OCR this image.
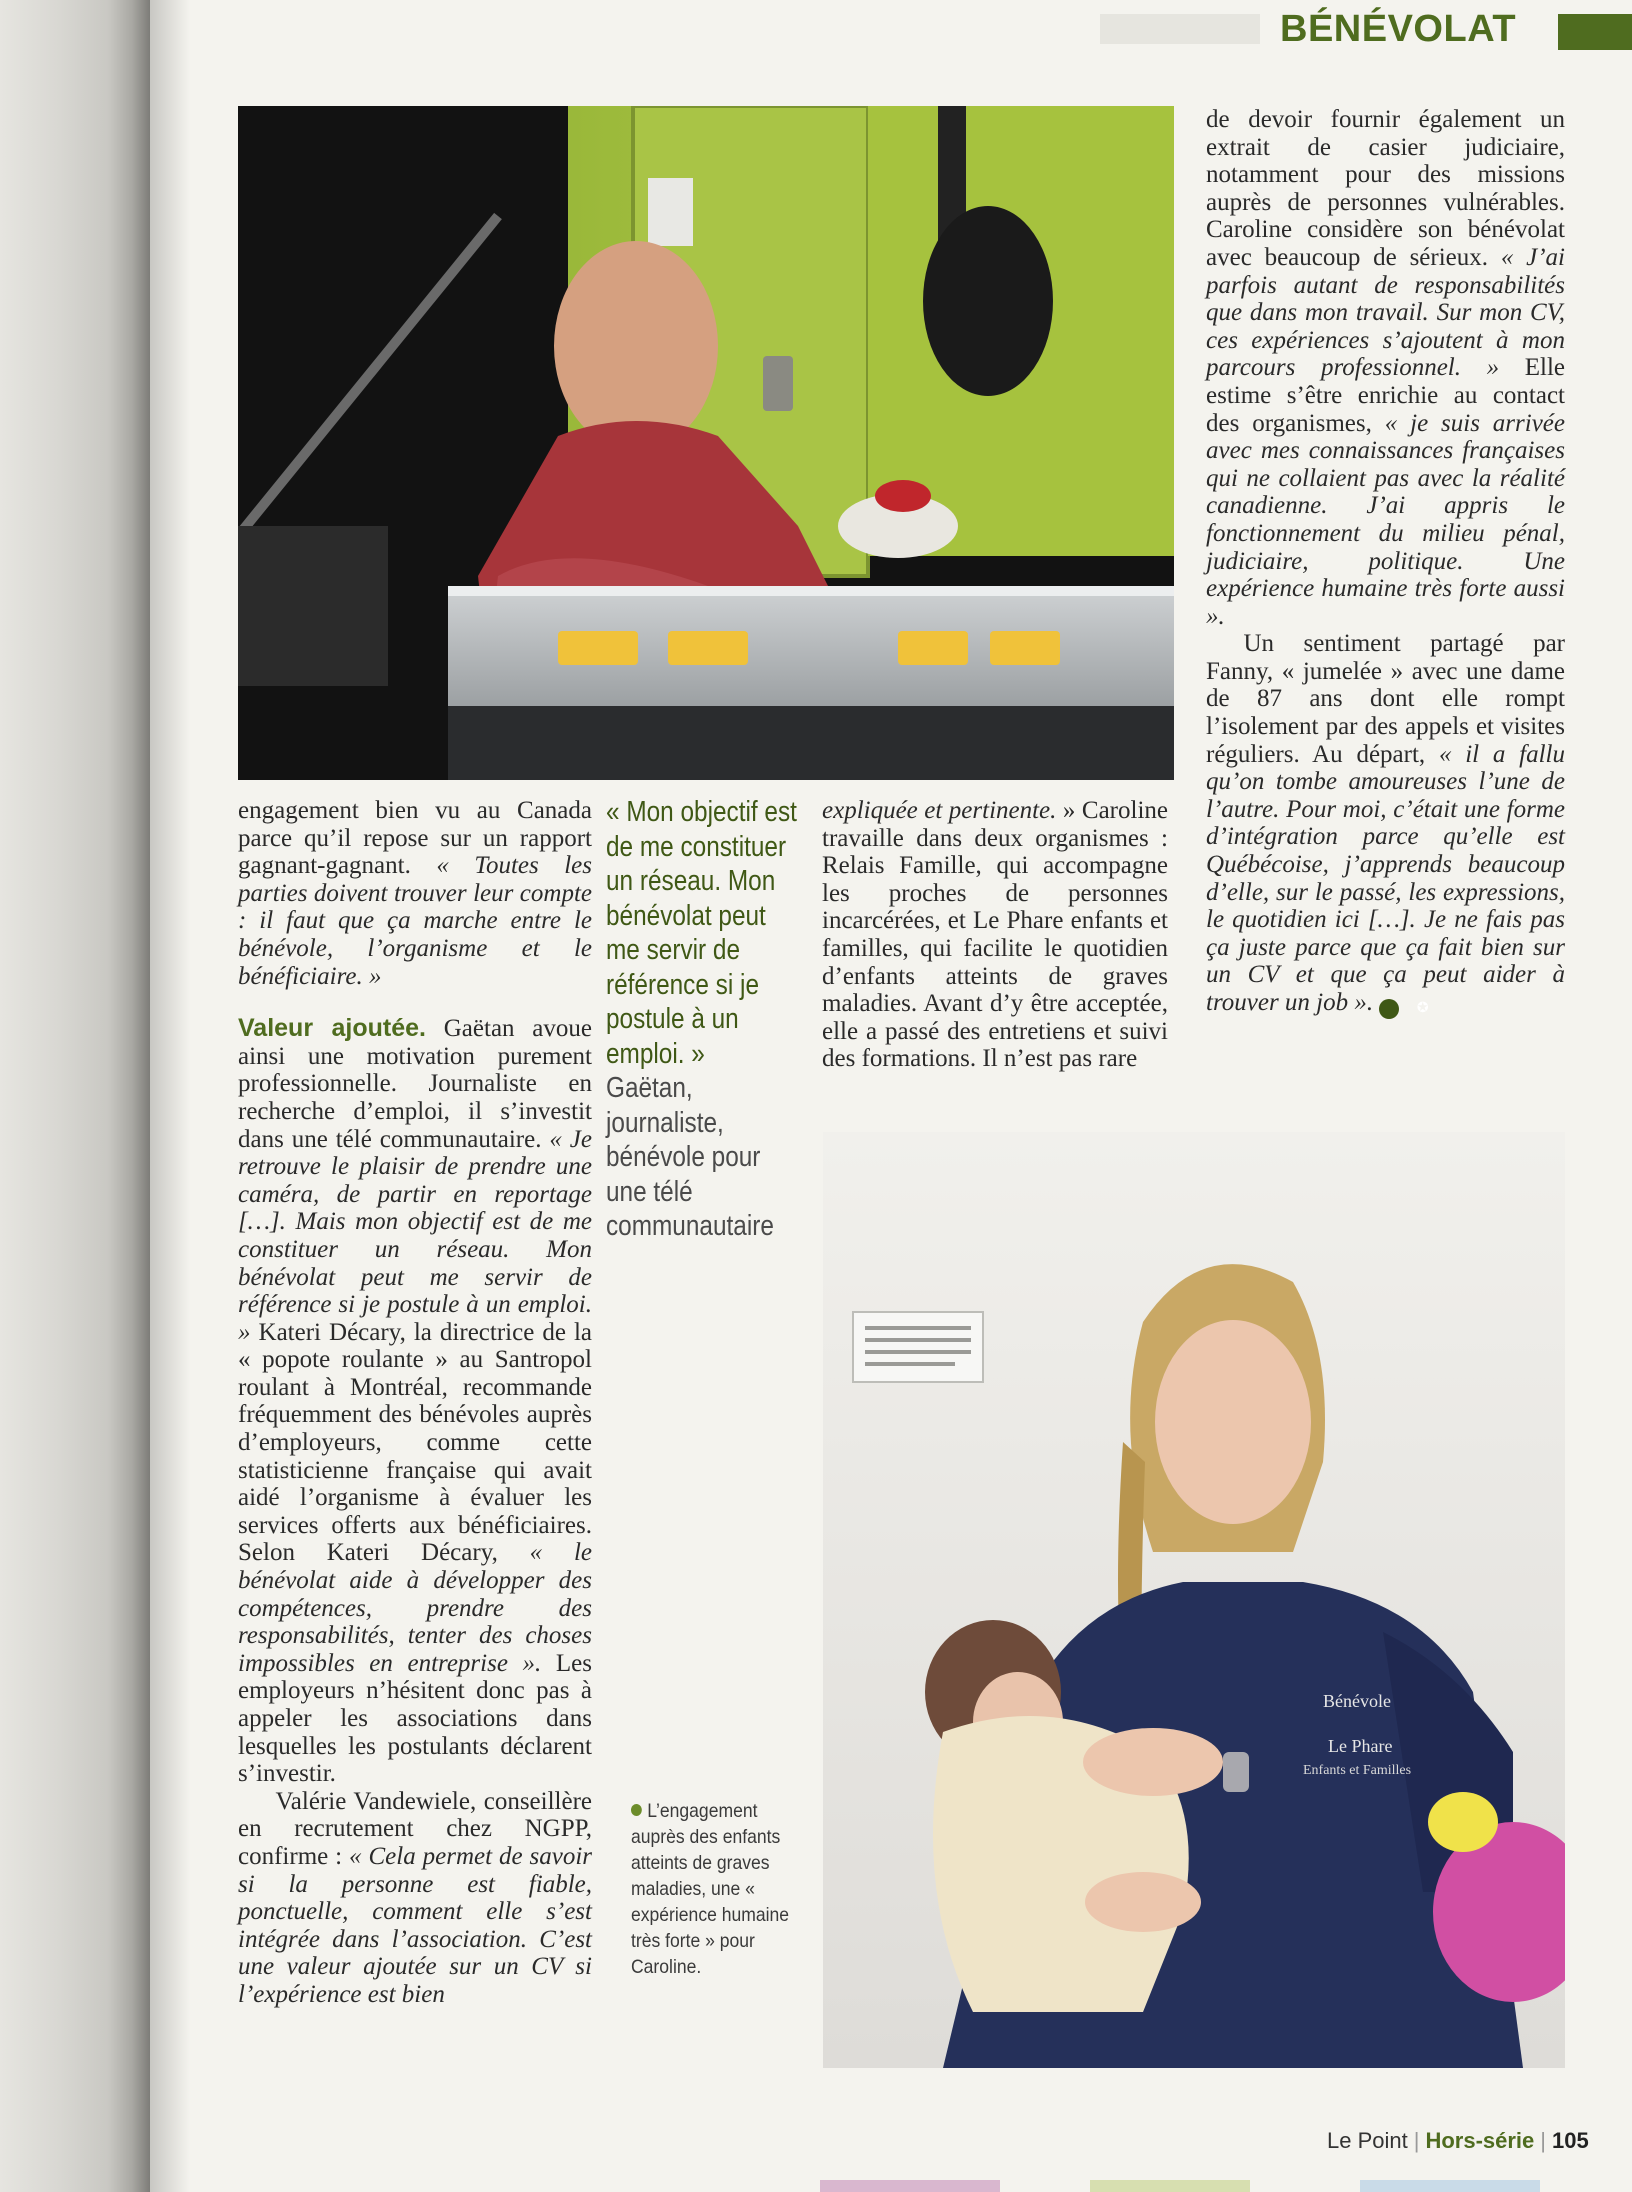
BÉNÉVOLAT

engagement bien vu au Canada parce qu’il repose sur un rapport gagnant-gagnant. « Toutes les parties doivent trouver leur compte : il faut que ça marche entre le bénévole, l’organisme et le bénéficiaire. »

Valeur ajoutée. Gaëtan avoue ainsi une motivation purement professionnelle. Journaliste en recherche d’emploi, il s’investit dans une télé communautaire. « Je retrouve le plaisir de prendre une caméra, de partir en reportage […]. Mais mon objectif est de me constituer un réseau. Mon bénévolat peut me servir de référence si je postule à un emploi. » Kateri Décary, la directrice de la « popote roulante » au Santropol roulant à Montréal, recommande fréquemment des bénévoles auprès d’employeurs, comme cette statisticienne française qui avait aidé l’organisme à évaluer les services offerts aux bénéficiaires. Selon Kateri Décary, « le bénévolat aide à développer des compétences, prendre des responsabilités, tenter des choses impossibles en entreprise ». Les employeurs n’hésitent donc pas à appeler les associations dans lesquelles les postulants déclarent s’investir.

Valérie Vandewiele, conseillère en recrutement chez NGPP, confirme : « Cela permet de savoir si la personne est fiable, ponctuelle, comment elle s’est intégrée dans l’association. C’est une valeur ajoutée sur un CV si l’expérience est bien

« Mon objectif est de me constituer un réseau. Mon bénévolat peut me servir de référence si je postule à un emploi. »
Gaëtan, journaliste, bénévole pour une télé communautaire

expliquée et pertinente. » Caroline travaille dans deux organismes : Relais Famille, qui accompagne les proches de personnes incarcérées, et Le Phare enfants et familles, qui facilite le quotidien d’enfants atteints de graves maladies. Avant d’y être acceptée, elle a passé des entretiens et suivi des formations. Il n’est pas rare

de devoir fournir également un extrait de casier judiciaire, notamment pour des missions auprès de personnes vulnérables. Caroline considère son bénévolat avec beaucoup de sérieux. « J’ai parfois autant de responsabilités que dans mon travail. Sur mon CV, ces expériences s’ajoutent à mon parcours professionnel. » Elle estime s’être enrichie au contact des organismes, « je suis arrivée avec mes connaissances françaises qui ne collaient pas avec la réalité canadienne. J’ai appris le fonctionnement du milieu pénal, judiciaire, politique. Une expérience humaine très forte aussi ».

Un sentiment partagé par Fanny, « jumelée » avec une dame de 87 ans dont elle rompt l’isolement par des appels et visites réguliers. Au départ, « il a fallu qu’on tombe amoureuses l’une de l’autre. Pour moi, c’était une forme d’intégration parce qu’elle est Québécoise, j’apprends beaucoup d’elle, sur le passé, les expressions, le quotidien ici […]. Je ne fais pas ça juste parce que ça fait bien sur un CV et que ça peut aider à trouver un job ».	✪

Bénévole
Le Phare
Enfants et Familles
L’engagement auprès des enfants atteints de graves maladies, une « expérience humaine très forte » pour Caroline.
Le Point | Hors-série | 105
